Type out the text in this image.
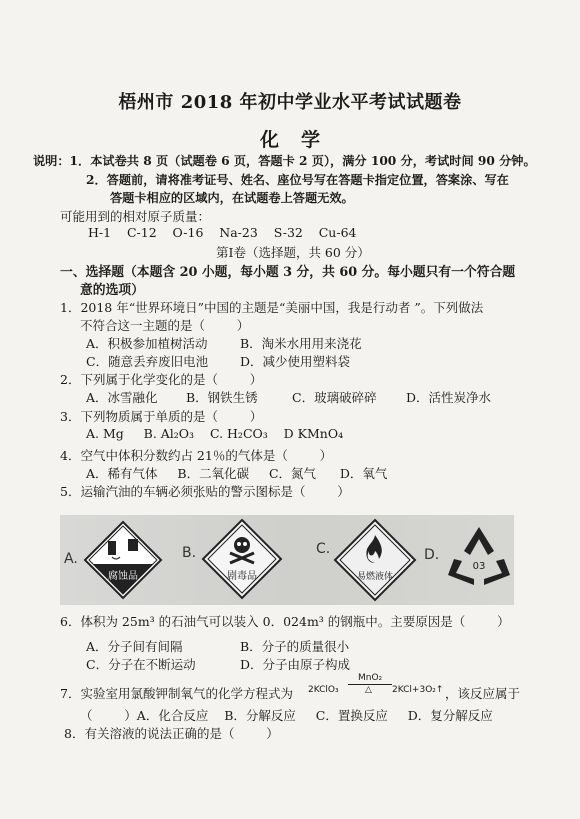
梧州市 2018 年初中学业水平考试试题卷
化学
说明：1．本试卷共 8 页（试题卷 6 页，答题卡 2 页），满分 100 分，考试时间 90 分钟。
2．答题前，请将准考证号、姓名、座位号写在答题卡指定位置，答案涂、写在
答题卡相应的区域内，在试题卷上答题无效。
可能用到的相对原子质量：
H-1    C-12    O-16    Na-23    S-32    Cu-64
第Ⅰ卷（选择题，共 60 分）
一、选择题（本题含 20 小题，每小题 3 分，共 60 分。每小题只有一个符合题
意的选项）
1．2018 年“世界环境日”中国的主题是“美丽中国，我是行动者 ”。下列做法
不符合这一主题的是（        ）
A．积极参加植树活动	B．淘米水用用来浇花
C．随意丢弃废旧电池	D．减少使用塑料袋
2．下列属于化学变化的是（        ）
A．冰雪融化 B．钢铁生锈	C．玻璃破碎碎 D．活性炭净水
3．下列物质属于单质的是（        ）
A. Mg     B. Al₂O₃    C. H₂CO₃    D KMnO₄
4．空气中体积分数约占 21％的气体是（        ）
A．稀有气体     B．二氧化碳     C．氮气      D．氧气
5．运输汽油的车辆必须张贴的警示图标是（        ）
A.
腐蚀品
B.
剧毒品
C.
易燃液体
D.
03
6．体积为 25m³ 的石油气可以装入 0．024m³ 的钢瓶中。主要原因是（        ）
A．分子间有间隔	B．分子的质量很小
C．分子在不断运动	D．分子由原子构成
7．实验室用氯酸钾制氧气的化学方程式为 2KClO₃
MnO₂
△ 2KCl+3O₂↑ ，该反应属于
（        ）A．化合反应    B．分解反应     C．置换反应     D．复分解反应
8．有关溶液的说法正确的是（        ）
